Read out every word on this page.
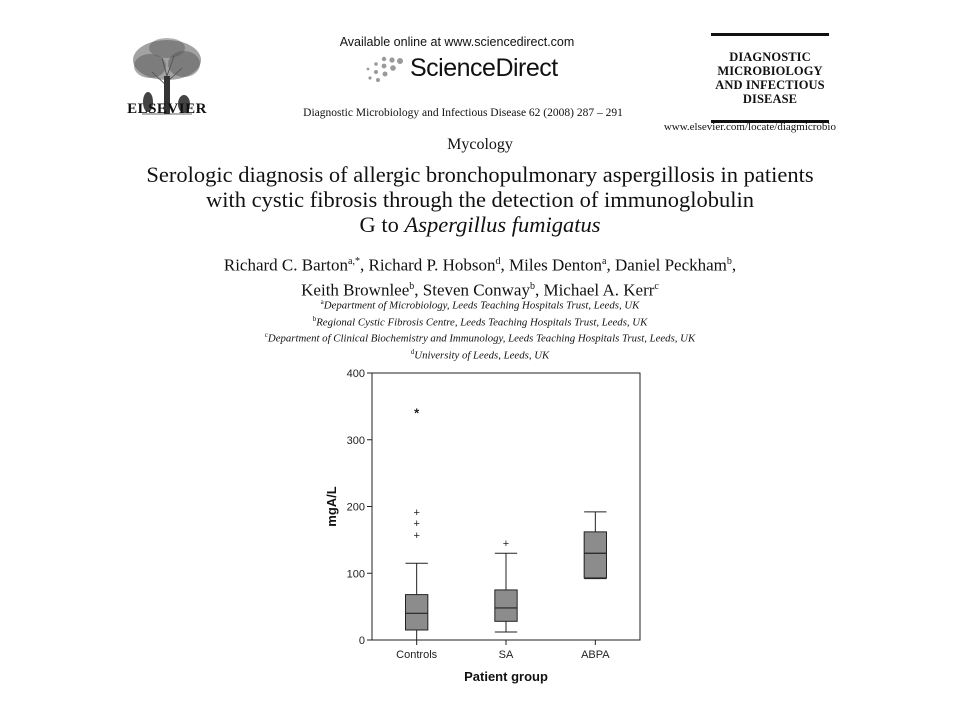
ELSEVIER
Available online at www.sciencedirect.com
ScienceDirect
Diagnostic Microbiology and Infectious Disease 62 (2008) 287 – 291
DIAGNOSTIC
MICROBIOLOGY
AND INFECTIOUS
DISEASE
www.elsevier.com/locate/diagmicrobio
Mycology
Serologic diagnosis of allergic bronchopulmonary aspergillosis in patients
with cystic fibrosis through the detection of immunoglobulin
G to Aspergillus fumigatus
Richard C. Barton$^{a,*}$, Richard P. Hobson$^d$, Miles Denton$^a$, Daniel Peckham$^b$,
Keith Brownlee$^b$, Steven Conway$^b$, Michael A. Kerr$^c$
$^a$Department of Microbiology, Leeds Teaching Hospitals Trust, Leeds, UK
$^b$Regional Cystic Fibrosis Centre, Leeds Teaching Hospitals Trust, Leeds, UK
$^c$Department of Clinical Biochemistry and Immunology, Leeds Teaching Hospitals Trust, Leeds, UK
$^d$University of Leeds, Leeds, UK
0
100
200
300
400
Controls	SA	ABPA
Patient group
mgA/L
+
+
+
*
+
